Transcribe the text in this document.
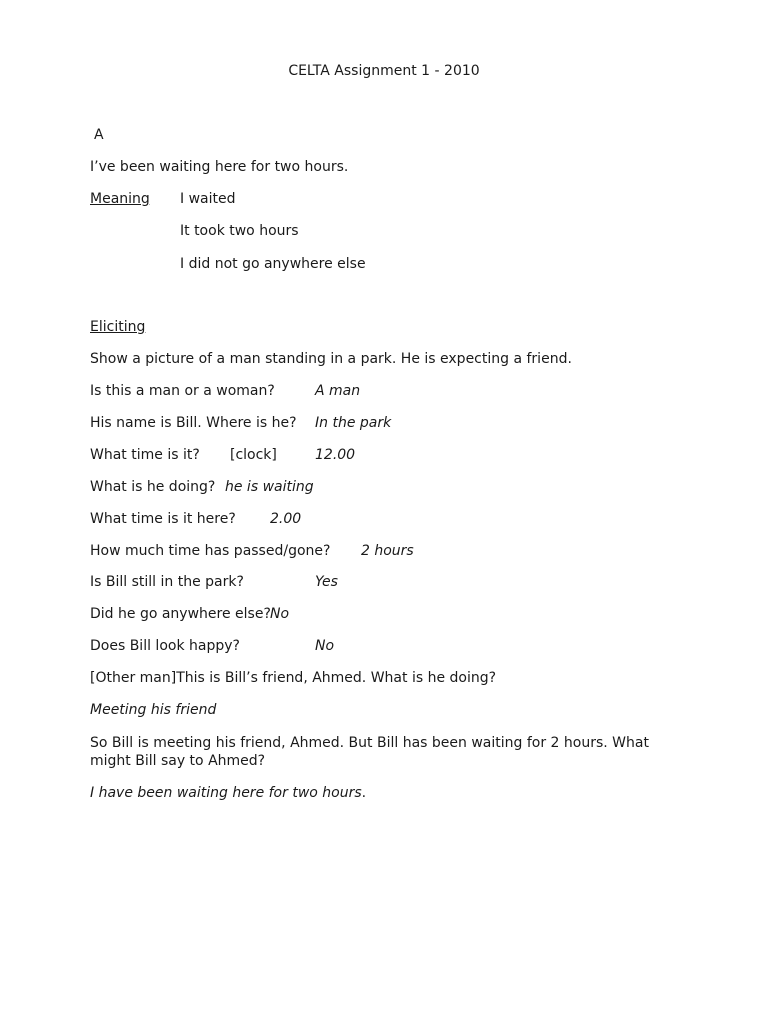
CELTA Assignment 1 - 2010
A
I’ve been waiting here for two hours.
Meaning I waited
It took two hours
I did not go anywhere else
Eliciting
Show a picture of a man standing in a park. He is expecting a friend.
Is this a man or a woman?	A man
His name is Bill. Where is he? In the park
What time is it? [clock]	12.00
What is he doing? he is waiting
What time is it here? 2.00
How much time has passed/gone? 2 hours
Is Bill still in the park?	Yes
Did he go anywhere else? No
Does Bill look happy?	No
[Other man]This is Bill’s friend, Ahmed. What is he doing?
Meeting his friend
So Bill is meeting his friend, Ahmed. But Bill has been waiting for 2 hours. What might Bill say to Ahmed?
I have been waiting here for two hours.
